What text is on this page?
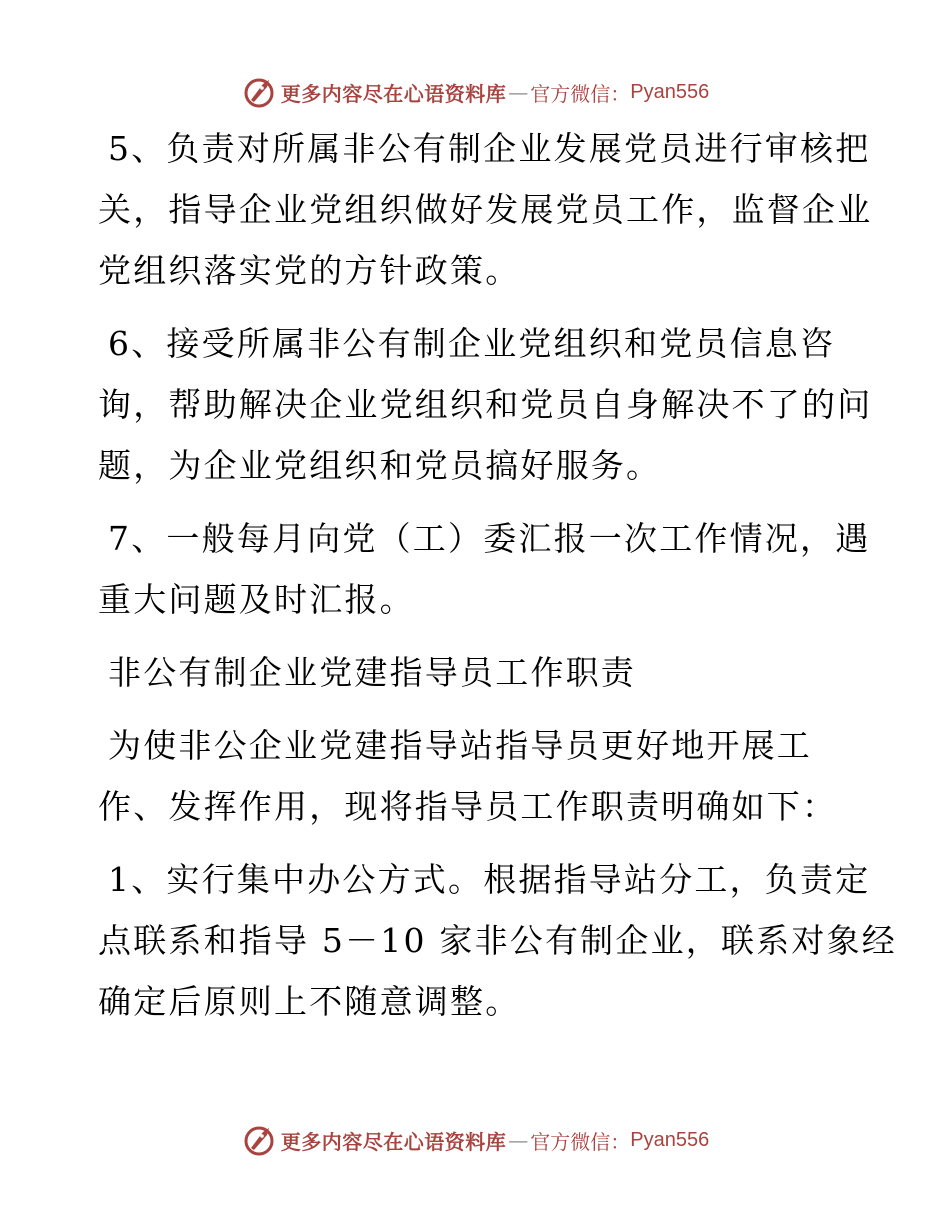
更多内容尽在心语资料库 — 官方微信： Pyan556

5、负责对所属非公有制企业发展党员进行审核把
关，指导企业党组织做好发展党员工作，监督企业
党组织落实党的方针政策。

6、接受所属非公有制企业党组织和党员信息咨
询，帮助解决企业党组织和党员自身解决不了的问
题，为企业党组织和党员搞好服务。

7、一般每月向党（工）委汇报一次工作情况，遇
重大问题及时汇报。

非公有制企业党建指导员工作职责

为使非公企业党建指导站指导员更好地开展工
作、发挥作用，现将指导员工作职责明确如下：

1、实行集中办公方式。根据指导站分工，负责定
点联系和指导 5－10 家非公有制企业，联系对象经
确定后原则上不随意调整。

更多内容尽在心语资料库 — 官方微信： Pyan556
